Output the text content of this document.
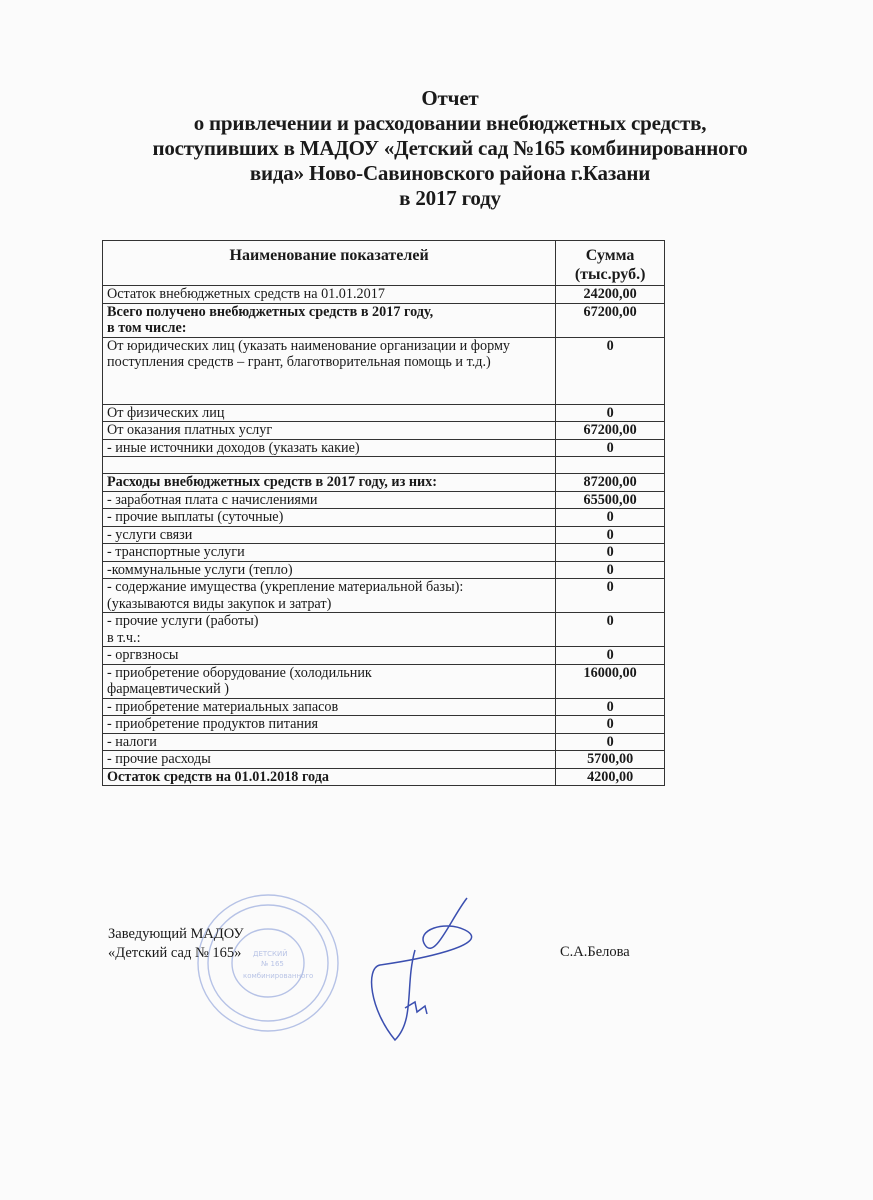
Отчет
о привлечении и расходовании внебюджетных средств,
поступивших в МАДОУ «Детский сад №165 комбинированного
вида» Ново-Савиновского района г.Казани
в 2017 году
Наименование показателей	Сумма
(тыс.руб.)

Остаток внебюджетных средств на 01.01.2017	24200,00

Всего получено внебюджетных средств в 2017 году,
в том числе:	67200,00

От юридических лиц (указать наименование организации и форму поступления средств – грант, благотворительная помощь и т.д.)	0

От физических лиц	0

От оказания платных услуг	67200,00

- иные источники доходов (указать какие)	0

Расходы внебюджетных средств в 2017 году, из них:	87200,00

- заработная плата с начислениями	65500,00

- прочие выплаты (суточные)	0

- услуги связи	0

- транспортные услуги	0

-коммунальные услуги (тепло)	0

- содержание имущества (укрепление материальной базы):
(указываются виды закупок и затрат)	0

- прочие услуги (работы)
в т.ч.:	0

- оргвзносы	0

- приобретение оборудование (холодильник
фармацевтический )	16000,00

- приобретение материальных запасов	0

- приобретение продуктов питания	0

- налоги	0

- прочие расходы	5700,00

Остаток средств на 01.01.2018 года	4200,00
ДЕТСКИЙ
№ 165
комбинированного
Заведующий МАДОУ
«Детский сад № 165»	С.А.Белова
